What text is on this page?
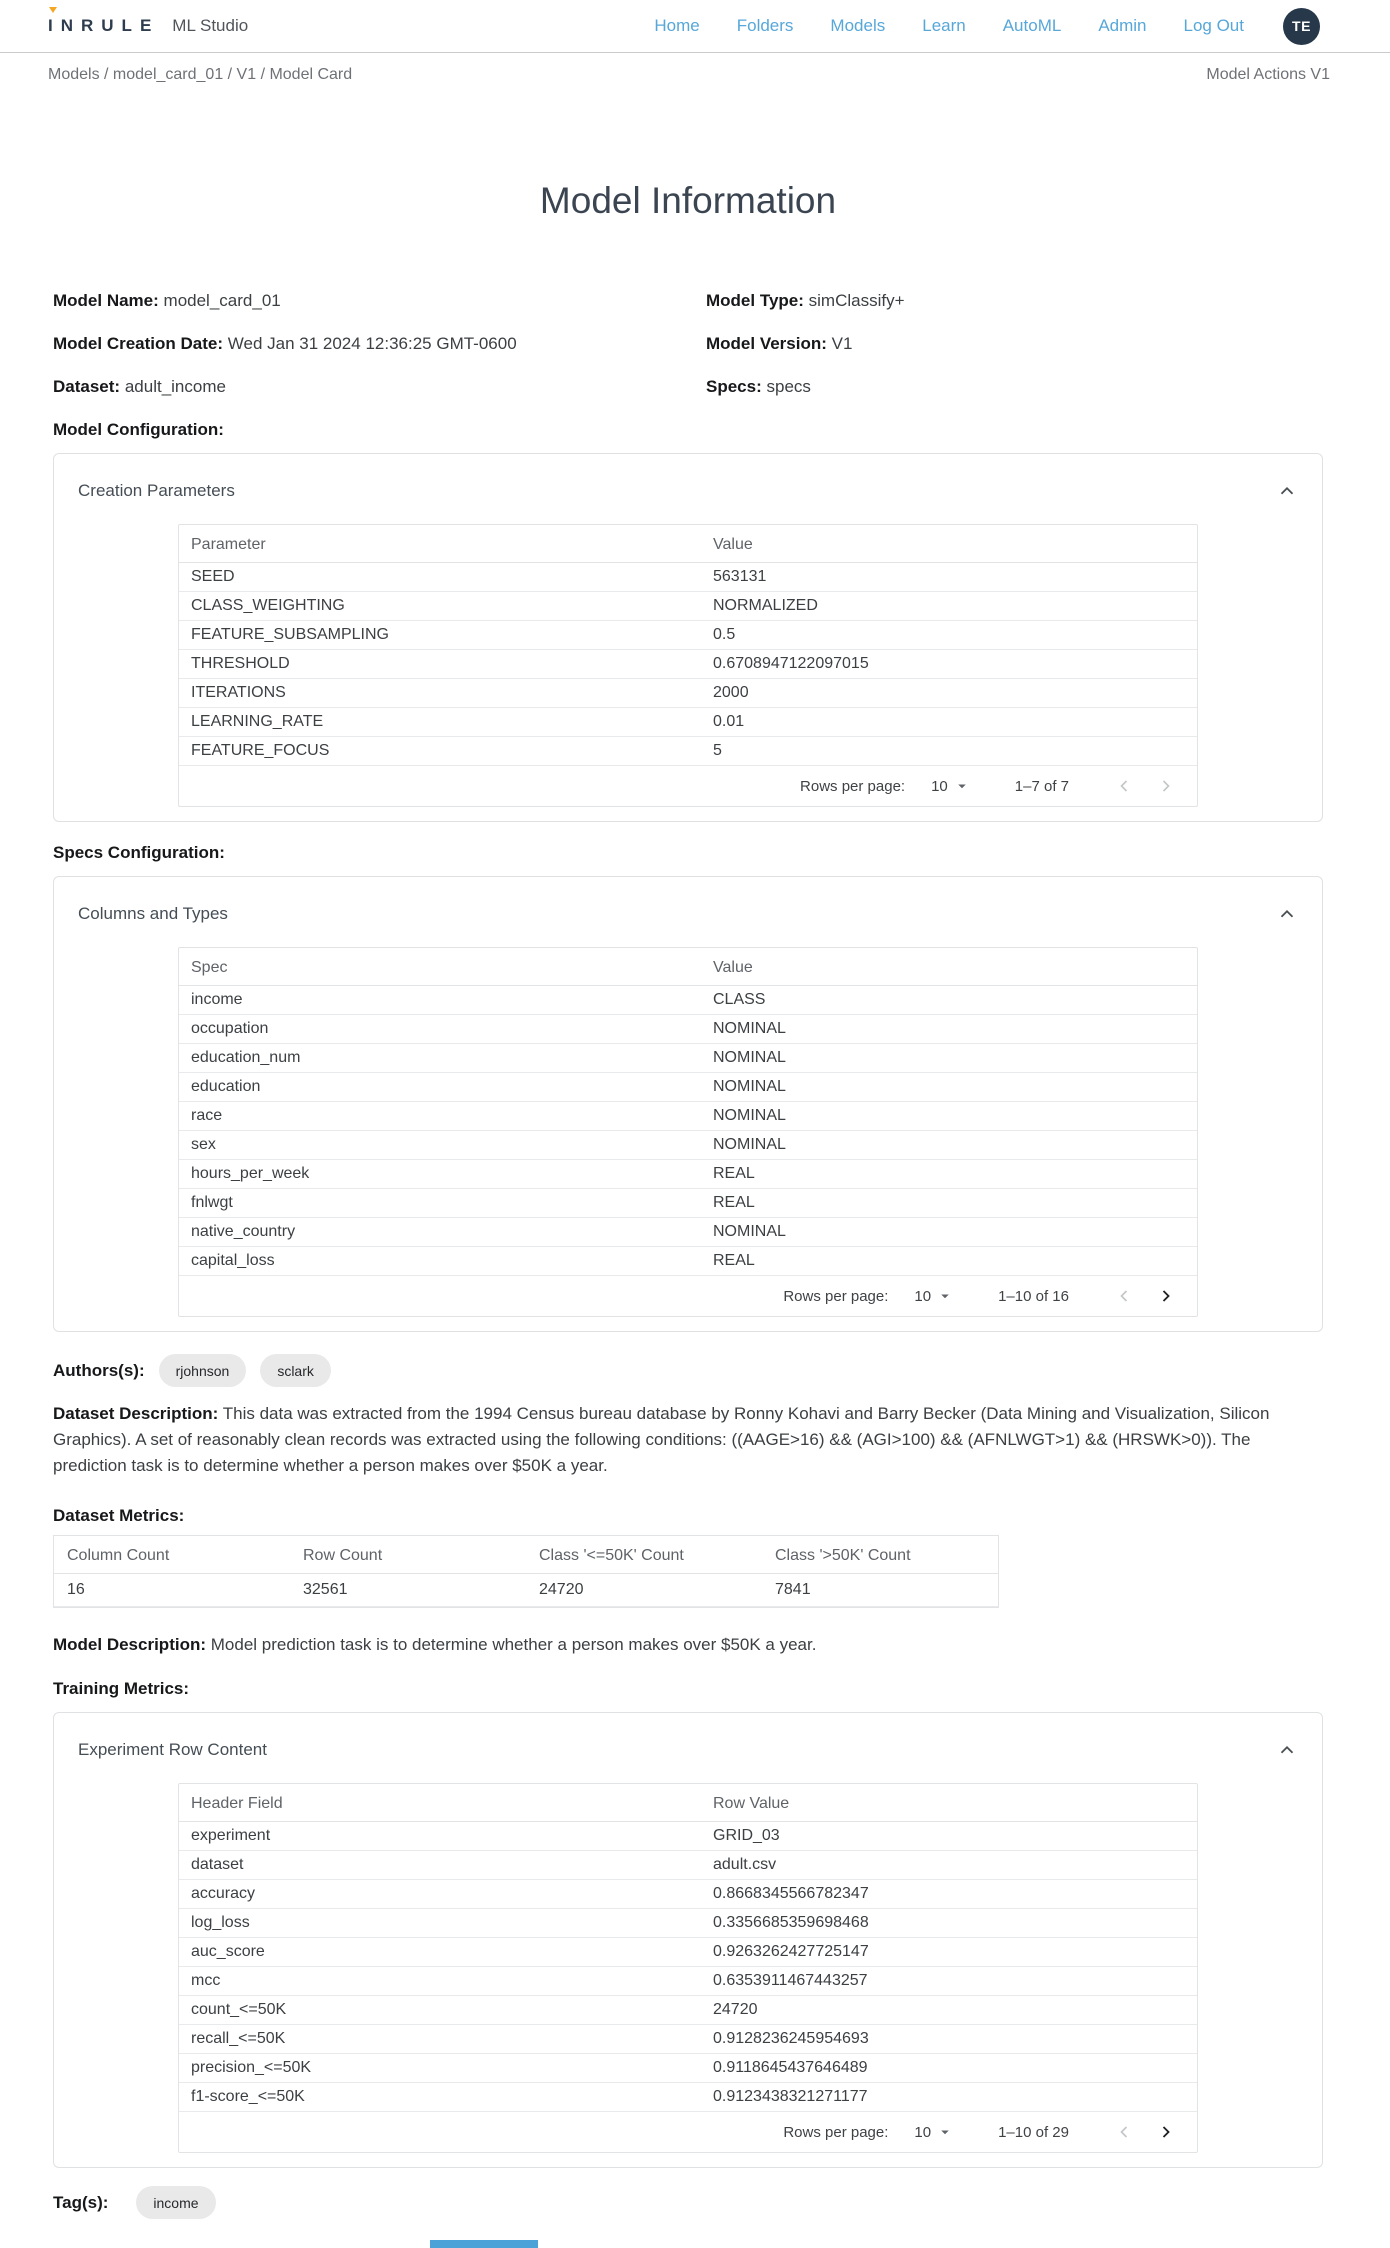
INRULE ML Studio	Home Folders Models Learn AutoML Admin Log Out	TE
Models / model_card_01 / V1 / Model Card	Model Actions V1
Model Information

Model Name: model_card_01

Model Creation Date: Wed Jan 31 2024 12:36:25 GMT-0600

Dataset: adult_income

Model Type: simClassify+

Model Version: V1

Specs: specs

Model Configuration:
Creation Parameters
Parameter	Value
SEED	563131
CLASS_WEIGHTING	NORMALIZED
FEATURE_SUBSAMPLING	0.5
THRESHOLD	0.6708947122097015
ITERATIONS	2000
LEARNING_RATE	0.01
FEATURE_FOCUS	5
Rows per page: 10	1–7 of 7
Specs Configuration:
Columns and Types
Spec	Value
income	CLASS
occupation	NOMINAL
education_num	NOMINAL
education	NOMINAL
race	NOMINAL
sex	NOMINAL
hours_per_week	REAL
fnlwgt	REAL
native_country	NOMINAL
capital_loss	REAL
Rows per page: 10	1–10 of 16
Authors(s):	rjohnson	sclark

Dataset Description: This data was extracted from the 1994 Census bureau database by Ronny Kohavi and Barry Becker (Data Mining and Visualization, Silicon Graphics). A set of reasonably clean records was extracted using the following conditions: ((AAGE>16) && (AGI>100) && (AFNLWGT>1) && (HRSWK>0)). The prediction task is to determine whether a person makes over $50K a year.

Dataset Metrics:
Column Count	Row Count	Class '<=50K' Count	Class '>50K' Count
16	32561	24720	7841

Model Description: Model prediction task is to determine whether a person makes over $50K a year.

Training Metrics:
Experiment Row Content
Header Field	Row Value
experiment	GRID_03
dataset	adult.csv
accuracy	0.8668345566782347
log_loss	0.3356685359698468
auc_score	0.9263262427725147
mcc	0.6353911467443257
count_<=50K	24720
recall_<=50K	0.9128236245954693
precision_<=50K	0.9118645437646489
f1-score_<=50K	0.9123438321271177
Rows per page: 10	1–10 of 29
Tag(s):	income
